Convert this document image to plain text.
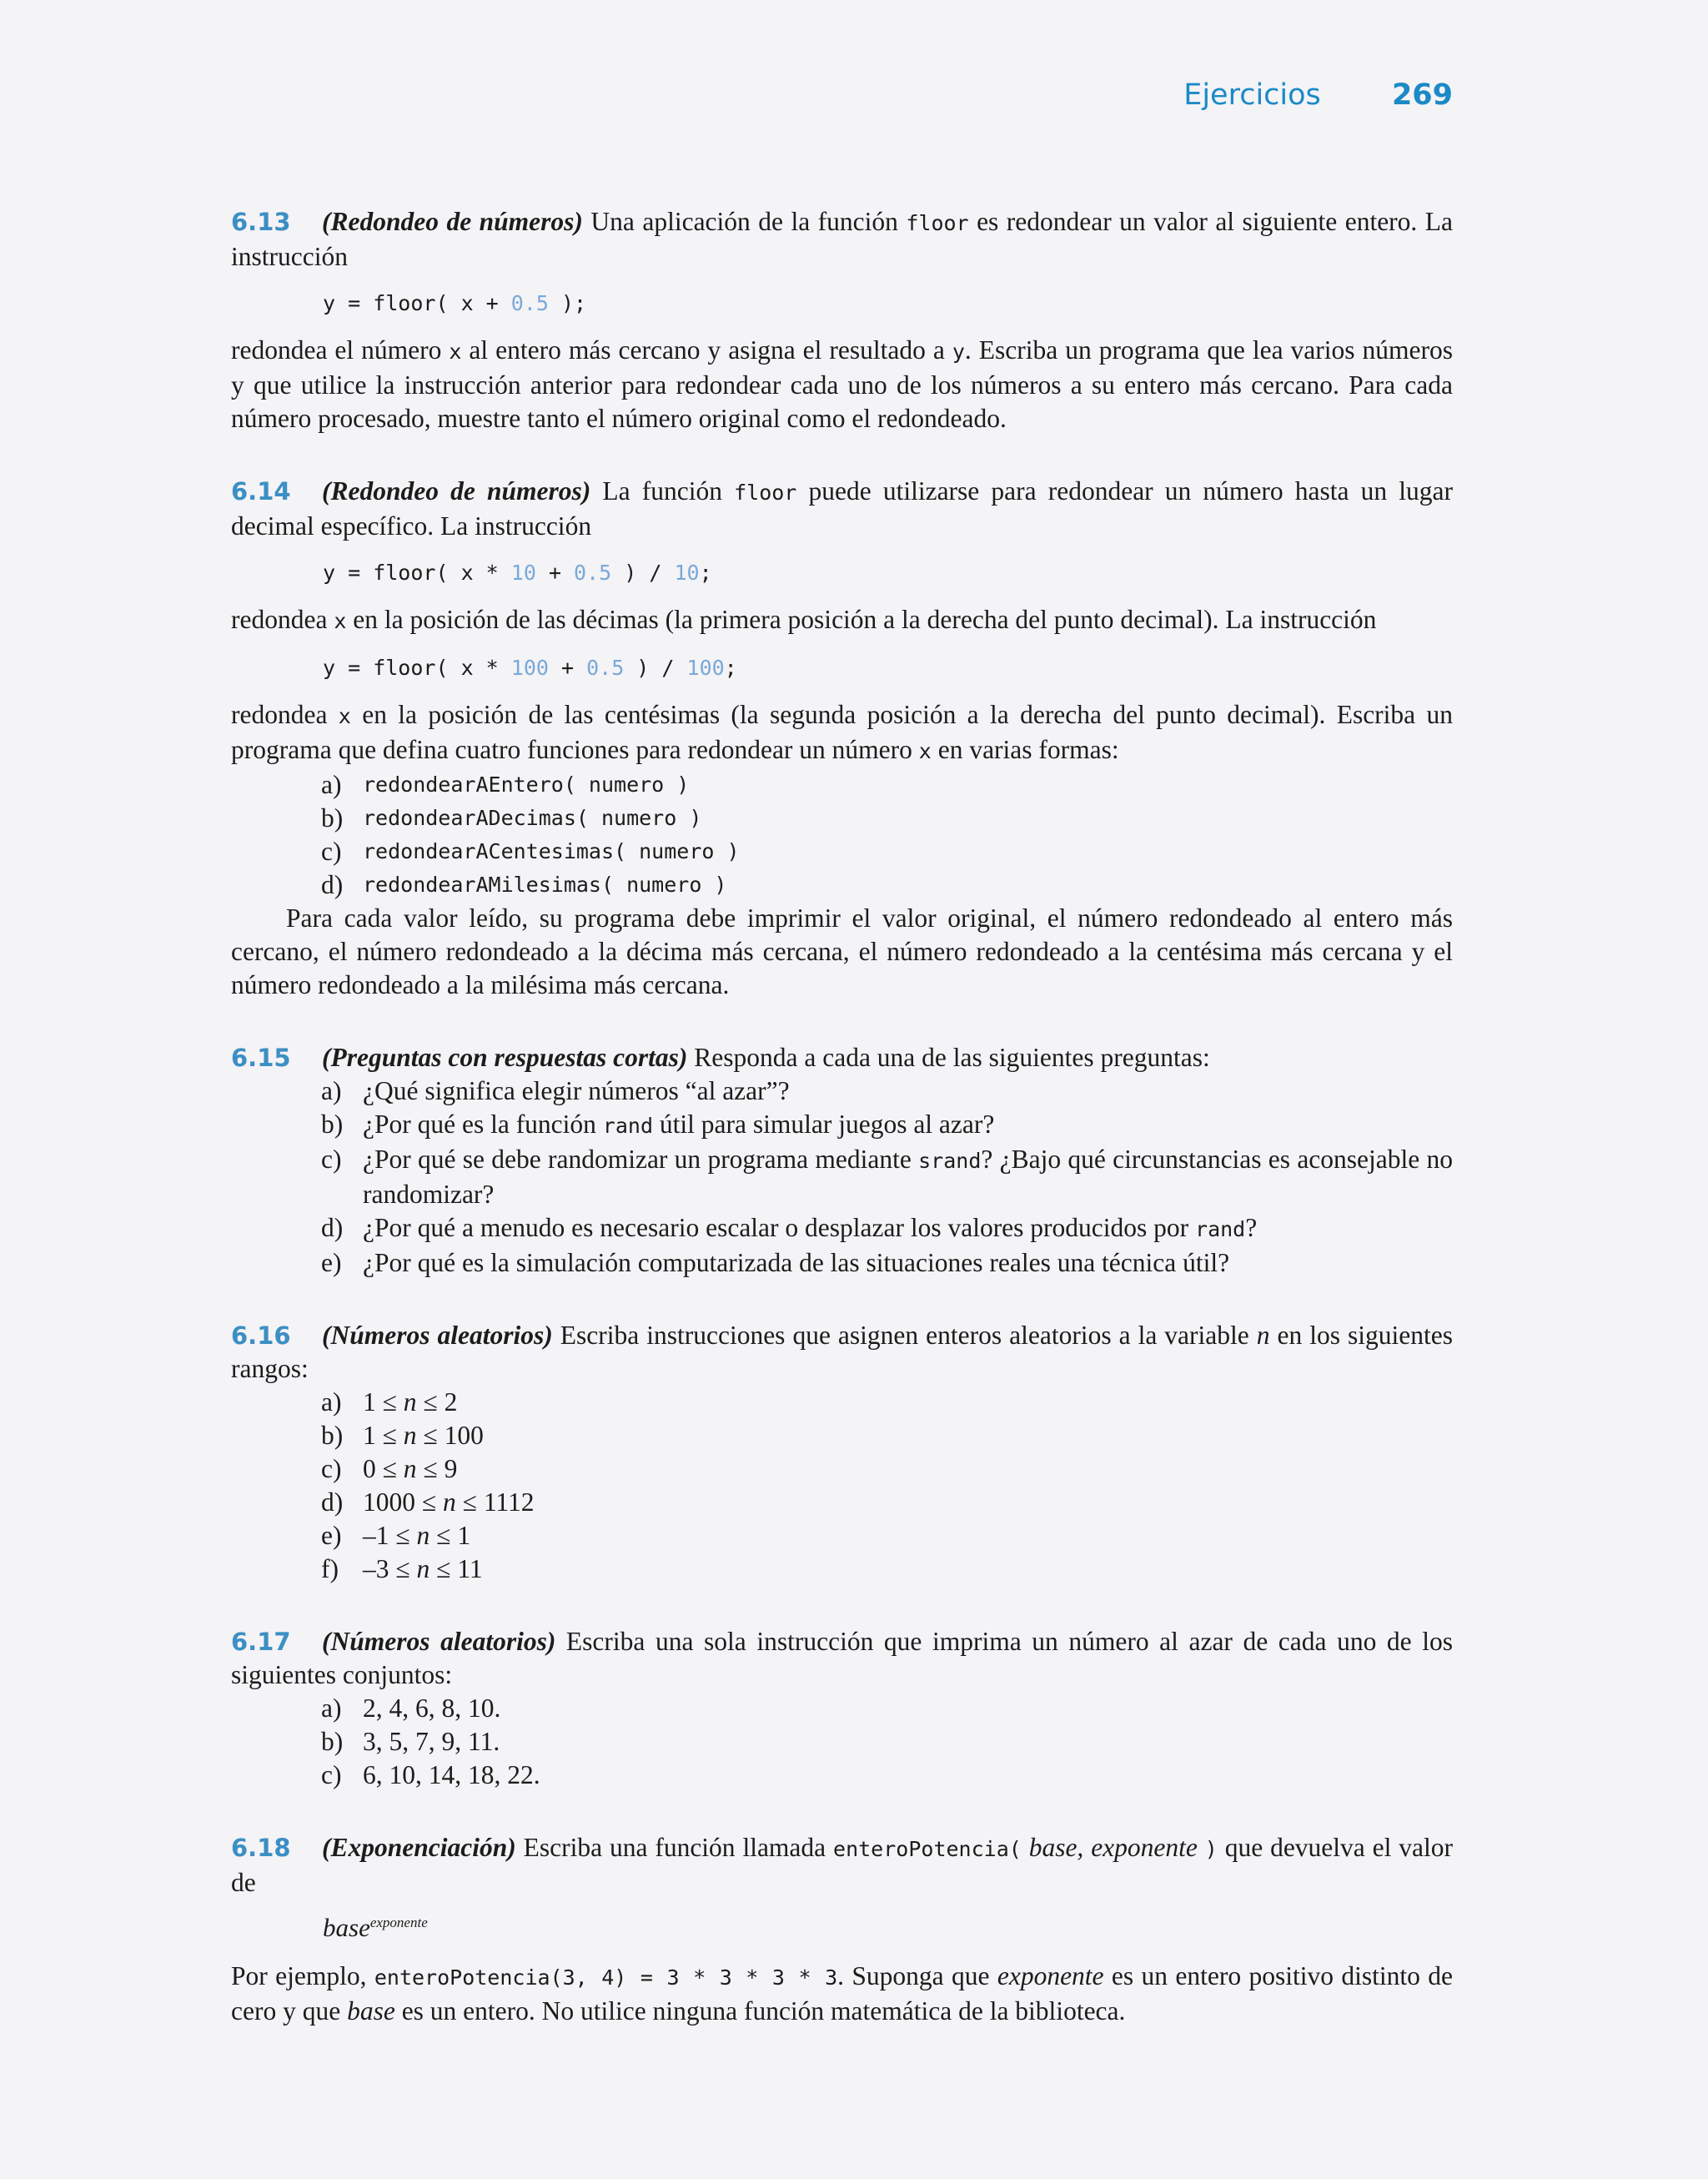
Ejercicios 269

6.13 (Redondeo de números) Una aplicación de la función floor es redondear un valor al siguiente entero. La instrucción

y = floor( x + 0.5 );

redondea el número x al entero más cercano y asigna el resultado a y. Escriba un programa que lea varios números y que utilice la instrucción anterior para redondear cada uno de los números a su entero más cercano. Para cada número procesado, muestre tanto el número original como el redondeado.

6.14 (Redondeo de números) La función floor puede utilizarse para redondear un número hasta un lugar decimal específico. La instrucción

y = floor( x * 10 + 0.5 ) / 10;

redondea x en la posición de las décimas (la primera posición a la derecha del punto decimal). La instrucción

y = floor( x * 100 + 0.5 ) / 100;

redondea x en la posición de las centésimas (la segunda posición a la derecha del punto decimal). Escriba un programa que defina cuatro funciones para redondear un número x en varias formas:

a)	redondearAEntero( numero )
b) redondearADecimas( numero )
c)	redondearACentesimas( numero )
d) redondearAMilesimas( numero )

Para cada valor leído, su programa debe imprimir el valor original, el número redondeado al entero más cercano, el número redondeado a la décima más cercana, el número redondeado a la centésima más cercana y el número redondeado a la milésima más cercana.

6.15 (Preguntas con respuestas cortas) Responda a cada una de las siguientes preguntas:

a) ¿Qué significa elegir números “al azar”?
b) ¿Por qué es la función rand útil para simular juegos al azar?
c) ¿Por qué se debe randomizar un programa mediante srand? ¿Bajo qué circunstancias es aconsejable no randomizar?
d) ¿Por qué a menudo es necesario escalar o desplazar los valores producidos por rand?
e) ¿Por qué es la simulación computarizada de las situaciones reales una técnica útil?

6.16 (Números aleatorios) Escriba instrucciones que asignen enteros aleatorios a la variable n en los siguientes rangos:

a) 1 ≤ n ≤ 2
b) 1 ≤ n ≤ 100
c) 0 ≤ n ≤ 9
d) 1000 ≤ n ≤ 1112
e) –1 ≤ n ≤ 1
f) –3 ≤ n ≤ 11

6.17 (Números aleatorios) Escriba una sola instrucción que imprima un número al azar de cada uno de los siguientes conjuntos:

a) 2, 4, 6, 8, 10.
b) 3, 5, 7, 9, 11.
c) 6, 10, 14, 18, 22.

6.18 (Exponenciación) Escriba una función llamada enteroPotencia( base, exponente ) que devuelva el valor de

base$^{exponente}$

Por ejemplo, enteroPotencia(3, 4) = 3 * 3 * 3 * 3. Suponga que exponente es un entero positivo distinto de cero y que base es un entero. No utilice ninguna función matemática de la biblioteca.
